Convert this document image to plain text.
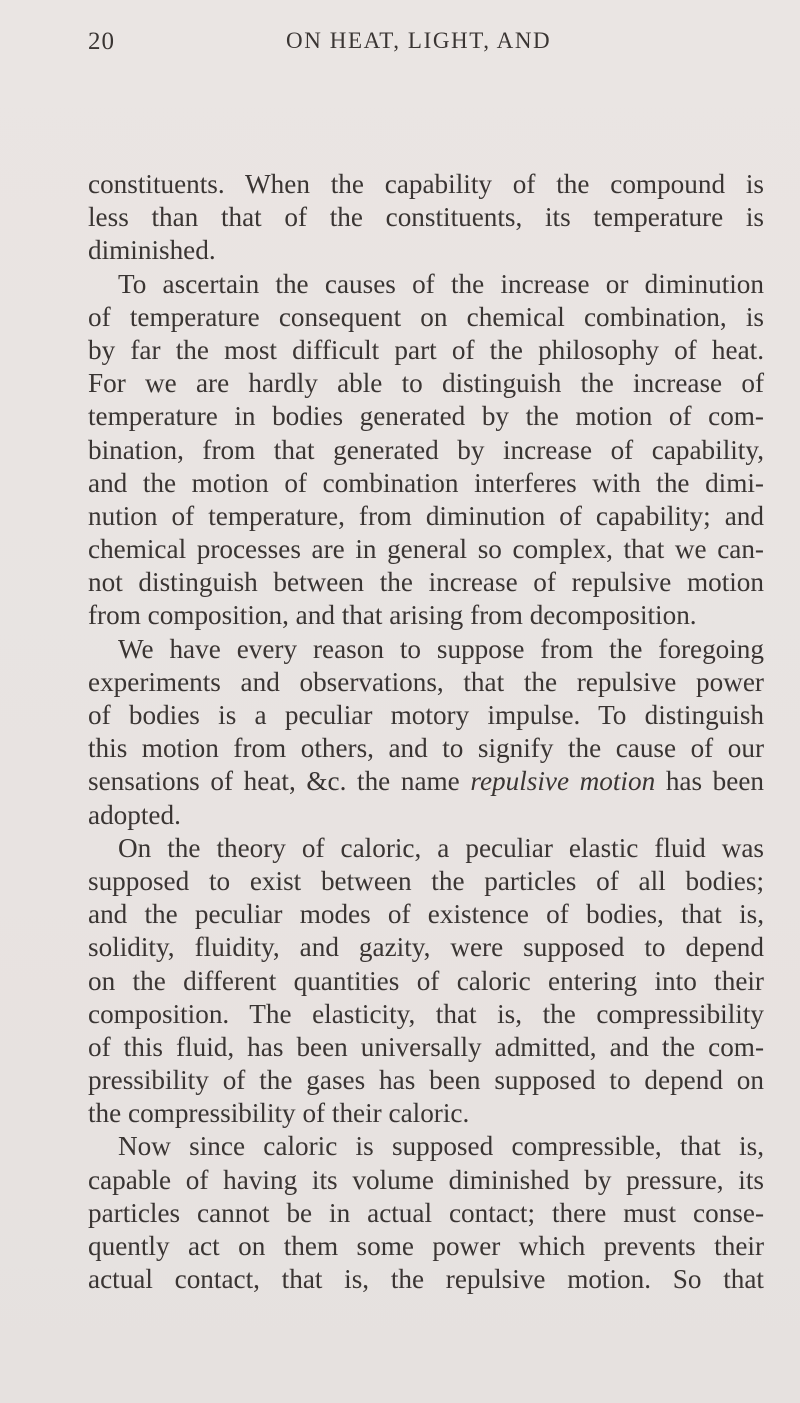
20	ON HEAT, LIGHT, AND
constituents. When the capability of the compound is
less than that of the constituents, its temperature is
diminished.
To ascertain the causes of the increase or diminution
of temperature consequent on chemical combination, is
by far the most difficult part of the philosophy of heat.
For we are hardly able to distinguish the increase of
temperature in bodies generated by the motion of com-
bination, from that generated by increase of capability,
and the motion of combination interferes with the dimi-
nution of temperature, from diminution of capability; and
chemical processes are in general so complex, that we can-
not distinguish between the increase of repulsive motion
from composition, and that arising from decomposition.
We have every reason to suppose from the foregoing
experiments and observations, that the repulsive power
of bodies is a peculiar motory impulse. To distinguish
this motion from others, and to signify the cause of our
sensations of heat, &c. the name repulsive motion has been
adopted.
On the theory of caloric, a peculiar elastic fluid was
supposed to exist between the particles of all bodies;
and the peculiar modes of existence of bodies, that is,
solidity, fluidity, and gazity, were supposed to depend
on the different quantities of caloric entering into their
composition. The elasticity, that is, the compressibility
of this fluid, has been universally admitted, and the com-
pressibility of the gases has been supposed to depend on
the compressibility of their caloric.
Now since caloric is supposed compressible, that is,
capable of having its volume diminished by pressure, its
particles cannot be in actual contact; there must conse-
quently act on them some power which prevents their
actual contact, that is, the repulsive motion. So that
